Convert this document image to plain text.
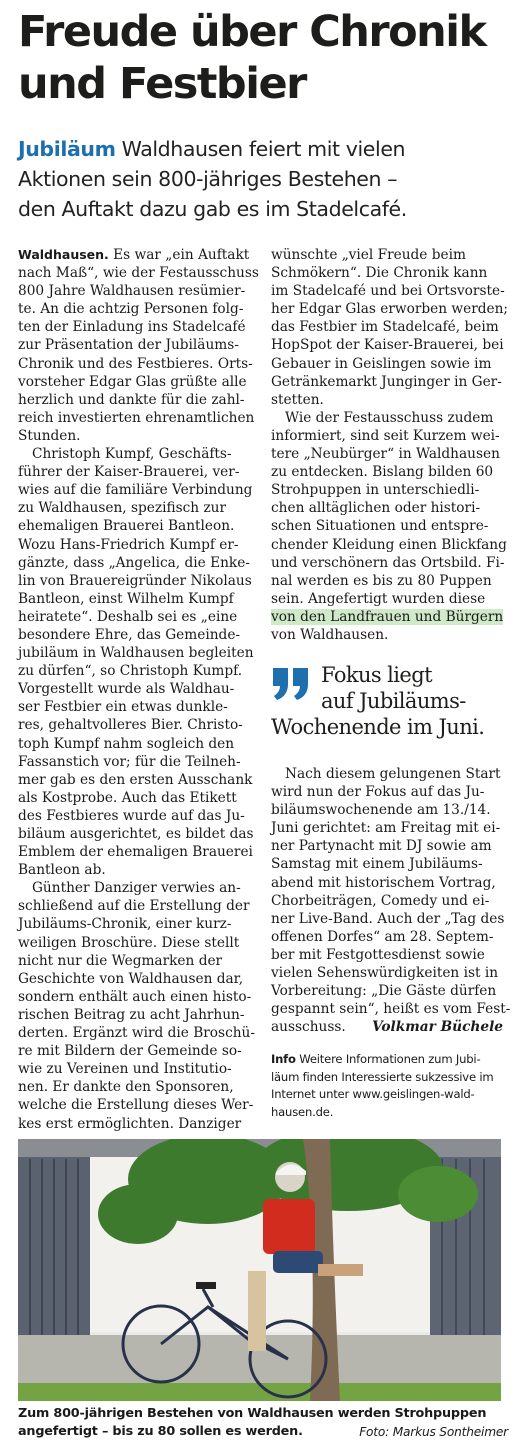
Freude über Chronik
und Festbier
Jubiläum Waldhausen feiert mit vielen
Aktionen sein 800-jähriges Bestehen –
den Auftakt dazu gab es im Stadelcafé.
Waldhausen. Es war „ein Auftakt
nach Maß“, wie der Festausschuss
800 Jahre Waldhausen resümier-
te. An die achtzig Personen folg-
ten der Einladung ins Stadelcafé
zur Präsentation der Jubiläums-
Chronik und des Festbieres. Orts-
vorsteher Edgar Glas grüßte alle
herzlich und dankte für die zahl-
reich investierten ehrenamtlichen
Stunden.
Christoph Kumpf, Geschäfts-
führer der Kaiser-Brauerei, ver-
wies auf die familiäre Verbindung
zu Waldhausen, spezifisch zur
ehemaligen Brauerei Bantleon.
Wozu Hans-Friedrich Kumpf er-
gänzte, dass „Angelica, die Enke-
lin von Brauereigründer Nikolaus
Bantleon, einst Wilhelm Kumpf
heiratete“. Deshalb sei es „eine
besondere Ehre, das Gemeinde-
jubiläum in Waldhausen begleiten
zu dürfen“, so Christoph Kumpf.
Vorgestellt wurde als Waldhau-
ser Festbier ein etwas dunkle-
res, gehaltvolleres Bier. Christo-
toph Kumpf nahm sogleich den
Fassanstich vor; für die Teilneh-
mer gab es den ersten Ausschank
als Kostprobe. Auch das Etikett
des Festbieres wurde auf das Ju-
biläum ausgerichtet, es bildet das
Emblem der ehemaligen Brauerei
Bantleon ab.
Günther Danziger verwies an-
schließend auf die Erstellung der
Jubiläums-Chronik, einer kurz-
weiligen Broschüre. Diese stellt
nicht nur die Wegmarken der
Geschichte von Waldhausen dar,
sondern enthält auch einen histo-
rischen Beitrag zu acht Jahrhun-
derten. Ergänzt wird die Broschü-
re mit Bildern der Gemeinde so-
wie zu Vereinen und Institutio-
nen. Er dankte den Sponsoren,
welche die Erstellung dieses Wer-
kes erst ermöglichten. Danziger
wünschte „viel Freude beim
Schmökern“. Die Chronik kann
im Stadelcafé und bei Ortsvorste-
her Edgar Glas erworben werden;
das Festbier im Stadelcafé, beim
HopSpot der Kaiser-Brauerei, bei
Gebauer in Geislingen sowie im
Getränkemarkt Junginger in Ger-
stetten.
Wie der Festausschuss zudem
informiert, sind seit Kurzem wei-
tere „Neubürger“ in Waldhausen
zu entdecken. Bislang bilden 60
Strohpuppen in unterschiedli-
chen alltäglichen oder histori-
schen Situationen und entspre-
chender Kleidung einen Blickfang
und verschönern das Ortsbild. Fi-
nal werden es bis zu 80 Puppen
sein. Angefertigt wurden diese
von den Landfrauen und Bürgern
von Waldhausen.
Fokus liegt
auf Jubiläums-
Wochenende im Juni.
Nach diesem gelungenen Start
wird nun der Fokus auf das Ju-
biläumswochenende am 13./14.
Juni gerichtet: am Freitag mit ei-
ner Partynacht mit DJ sowie am
Samstag mit einem Jubiläums-
abend mit historischem Vortrag,
Chorbeiträgen, Comedy und ei-
ner Live-Band. Auch der „Tag des
offenen Dorfes“ am 28. Septem-
ber mit Festgottesdienst sowie
vielen Sehenswürdigkeiten ist in
Vorbereitung: „Die Gäste dürfen
gespannt sein“, heißt es vom Fest-
ausschuss. Volkmar Büchele
Info Weitere Informationen zum Jubi-
läum finden Interessierte sukzessive im
Internet unter www.geislingen-wald-
hausen.de.
Zum 800-jährigen Bestehen von Waldhausen werden Strohpuppen
angefertigt – bis zu 80 sollen es werden.	Foto: Markus Sontheimer
